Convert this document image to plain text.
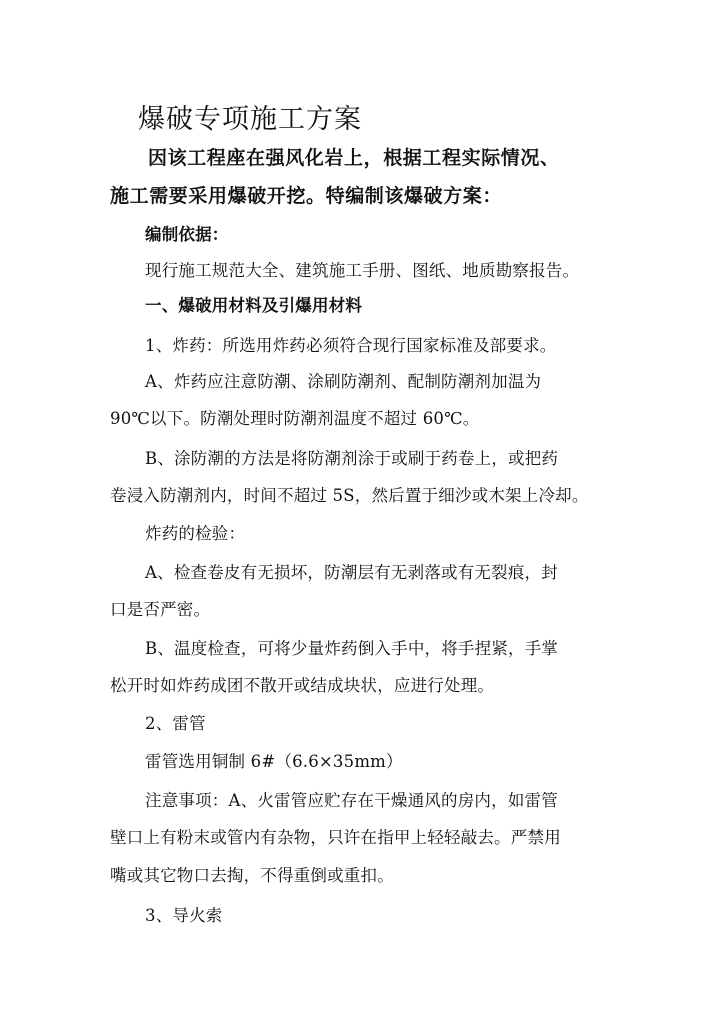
爆破专项施工方案
因该工程座在强风化岩上，根据工程实际情况、
施工需要采用爆破开挖。特编制该爆破方案：
编制依据：
现行施工规范大全、建筑施工手册、图纸、地质勘察报告。
一、爆破用材料及引爆用材料
1、炸药：所选用炸药必须符合现行国家标准及部要求。
A、炸药应注意防潮、涂刷防潮剂、配制防潮剂加温为
90℃以下。防潮处理时防潮剂温度不超过 60℃。
B、涂防潮的方法是将防潮剂涂于或刷于药卷上，或把药
卷浸入防潮剂内，时间不超过 5S，然后置于细沙或木架上冷却。
炸药的检验：
A、检查卷皮有无损坏，防潮层有无剥落或有无裂痕，封
口是否严密。
B、温度检查，可将少量炸药倒入手中，将手捏紧，手掌
松开时如炸药成团不散开或结成块状，应进行处理。
2、雷管
雷管选用铜制 6#（6.6×35mm）
注意事项：A、火雷管应贮存在干燥通风的房内，如雷管
壁口上有粉末或管内有杂物，只许在指甲上轻轻敲去。严禁用
嘴或其它物口去掏，不得重倒或重扣。
3、导火索
